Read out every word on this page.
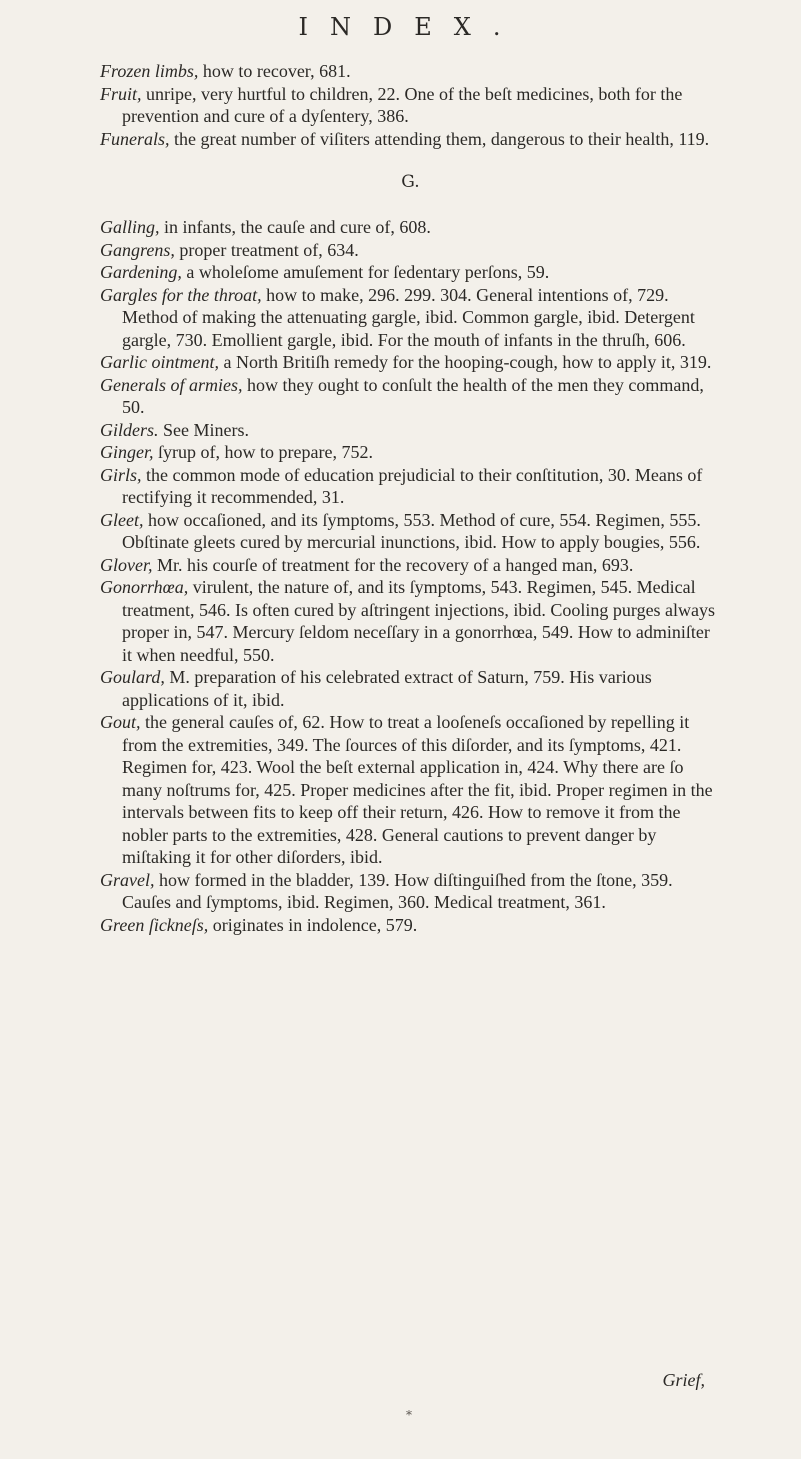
INDEX.

Frozen limbs, how to recover, 681.

Fruit, unripe, very hurtful to children, 22. One of the beſt medicines, both for the prevention and cure of a dyſentery, 386.

Funerals, the great number of viſiters attending them, dangerous to their health, 119.

G.

Galling, in infants, the cauſe and cure of, 608.

Gangrens, proper treatment of, 634.

Gardening, a wholeſome amuſement for ſedentary perſons, 59.

Gargles for the throat, how to make, 296. 299. 304. General intentions of, 729. Method of making the attenuating gargle, ibid. Common gargle, ibid. Detergent gargle, 730. Emollient gargle, ibid. For the mouth of infants in the thruſh, 606.

Garlic ointment, a North Britiſh remedy for the hooping-cough, how to apply it, 319.

Generals of armies, how they ought to conſult the health of the men they command, 50.

Gilders. See Miners.

Ginger, ſyrup of, how to prepare, 752.

Girls, the common mode of education prejudicial to their conſtitution, 30. Means of rectifying it recommended, 31.

Gleet, how occaſioned, and its ſymptoms, 553. Method of cure, 554. Regimen, 555. Obſtinate gleets cured by mercurial inunctions, ibid. How to apply bougies, 556.

Glover, Mr. his courſe of treatment for the recovery of a hanged man, 693.

Gonorrhœa, virulent, the nature of, and its ſymptoms, 543. Regimen, 545. Medical treatment, 546. Is often cured by aſtringent injections, ibid. Cooling purges always proper in, 547. Mercury ſeldom neceſſary in a gonorrhœa, 549. How to adminiſter it when needful, 550.

Goulard, M. preparation of his celebrated extract of Saturn, 759. His various applications of it, ibid.

Gout, the general cauſes of, 62. How to treat a looſeneſs occaſioned by repelling it from the extremities, 349. The ſources of this diſorder, and its ſymptoms, 421. Regimen for, 423. Wool the beſt external application in, 424. Why there are ſo many noſtrums for, 425. Proper medicines after the fit, ibid. Proper regimen in the intervals between fits to keep off their return, 426. How to remove it from the nobler parts to the extremities, 428. General cautions to prevent danger by miſtaking it for other diſorders, ibid.

Gravel, how formed in the bladder, 139. How diſtinguiſhed from the ſtone, 359. Cauſes and ſymptoms, ibid. Regimen, 360. Medical treatment, 361.

Green ſickneſs, originates in indolence, 579.

Grief,
*
